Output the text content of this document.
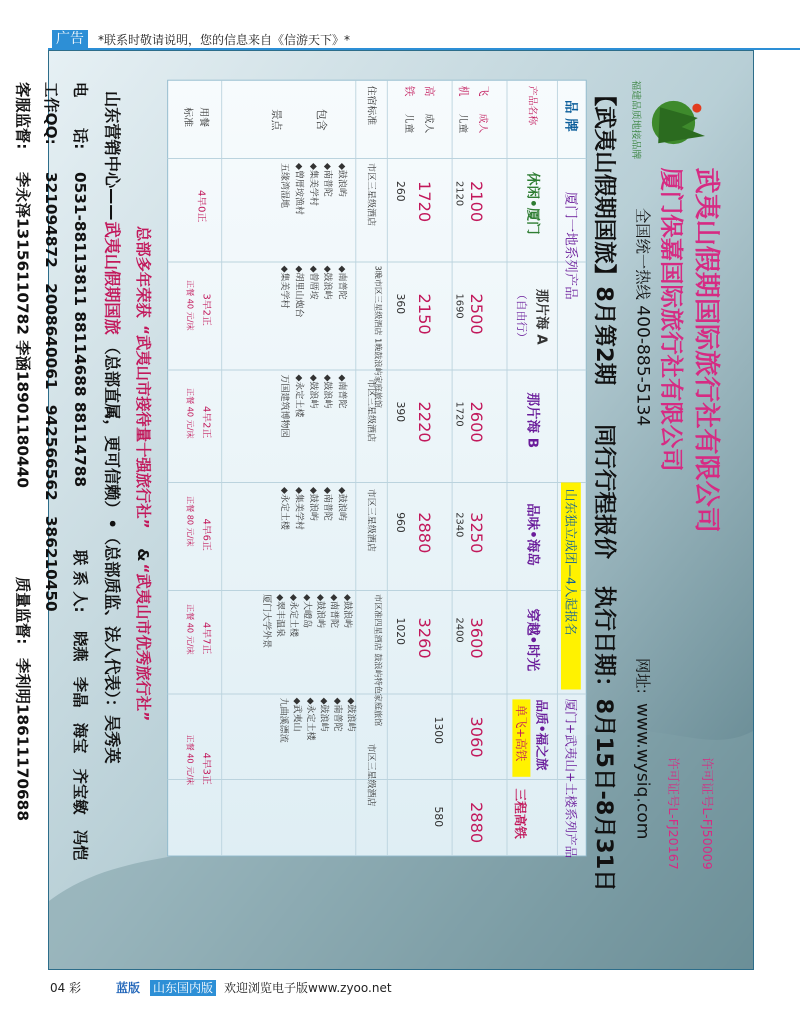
广告	*联系时敬请说明，您的信息来自《信游天下》*
福建品质地接品牌
武夷山假期国际旅行社有限公司
厦门保嘉国际旅行社有限公司
许可证号L-FJ50009
许可证号L-FJ20167
全国统一热线
400-885-5134
网址:
www.wysiq.com
【武夷山假期国旅】8月第2期
同行行程报价
执行日期：8月15日-8月31日
品 牌
产品名称
飞
机
成人
儿童
高
铁
成人
儿童
住宿标准
包含
景点
用餐
标准
厦门一地系列产品
山东独立成团—4人起报名
厦门+武夷山+土楼系列产品
休闲•厦门
2100
2120
1720
260
市区三星级酒店
◆鼓浪屿
◆南普陀
◆集美学村
◆曾厝垵渔村
五缘湾湿地
4早0正
那片海 A
（自由行）
2500
1690
2150
360
3晚市区三星级酒店 1晚鼓浪屿家庭旅馆
◆南普陀
◆鼓浪屿
◆曾厝垵
◆胡里山炮台
◆集美学村
3早2正
正餐 40 元/床
那片海 B
2600
1720
2220
390
市区三星级酒店
◆南普陀
◆鼓浪屿
◆鼓浪屿
◆永定土楼
万国建筑博物园
4早2正
正餐 40 元/床
品味•海岛
3250
2340
2880
960
市区三星级酒店
◆鼓浪屿
◆南普陀
◆鼓浪屿
◆集美学村
◆永定土楼
4早6正
正餐 80 元/床
穿越•时光
3600
2400
3260
1020
市区准四星酒店 鼓浪屿特色家庭旅馆
◆鼓浪屿
◆南普陀
◆鼓浪屿
◆大嶝岛
◆永定土楼
◆翠丰温泉
厦门大学外景
4早7正
正餐 40 元/床
品质•福之旅
单飞+高铁
3060
1300
◆鼓浪屿
◆南普陀
◆鼓浪屿
◆永定土楼
◆武夷山
九曲溪漂流
4早3正
正餐 40 元/床
三程高铁
2880
580
市区三星级酒店
总部多年荣获
“武夷山市接待量十强旅行社”
&
“武夷山市优秀旅行社”
山东营销中心——
武夷山假期国旅
（总部直属，更可信赖）
•（总部质监、法人代表）：吴秀英
电　　话:
0531-88113811 88114688 88114788
联 系 人:
晓燕　李晶　海宝　齐宝敏　冯恺
工作QQ:
321094872　2008640061　942566562　386210450
客服监督:
李永泽13156110782 李涵18901180440
质量监督:
李利明18611170688
04 彩	蓝版 山东国内版 欢迎浏览电子版www.zyoo.net
